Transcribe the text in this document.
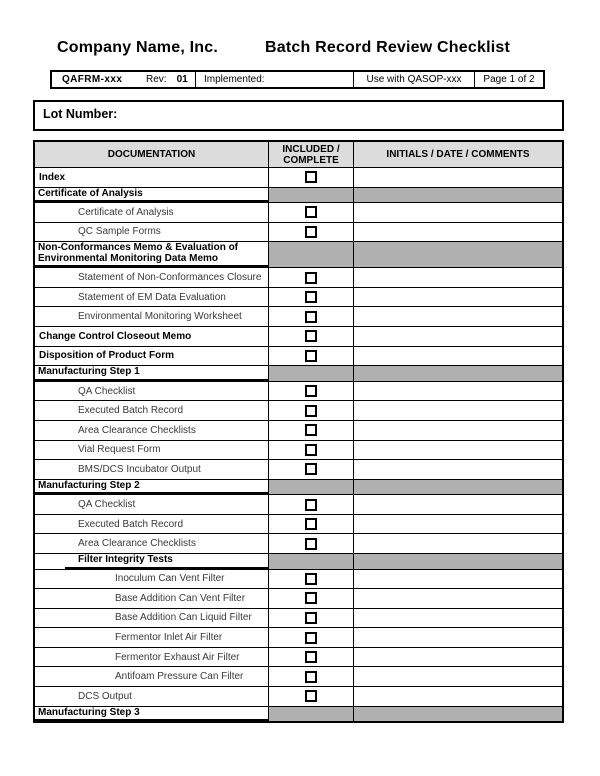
Company Name, Inc.	Batch Record Review Checklist
QAFRM-xxx	Rev: 01 Implemented:	Use with QASOP-xxx Page 1 of 2
Lot Number:
DOCUMENTATION	INCLUDED / COMPLETE	INITIALS / DATE / COMMENTS
Index
Certificate of Analysis
Certificate of Analysis
QC Sample Forms
Non-Conformances Memo & Evaluation of Environmental Monitoring Data Memo
Statement of Non-Conformances Closure
Statement of EM Data Evaluation
Environmental Monitoring Worksheet
Change Control Closeout Memo
Disposition of Product Form
Manufacturing Step 1
QA Checklist
Executed Batch Record
Area Clearance Checklists
Vial Request Form
BMS/DCS Incubator Output
Manufacturing Step 2
QA Checklist
Executed Batch Record
Area Clearance Checklists
Filter Integrity Tests
Inoculum Can Vent Filter
Base Addition Can Vent Filter
Base Addition Can Liquid Filter
Fermentor Inlet Air Filter
Fermentor Exhaust Air Filter
Antifoam Pressure Can Filter
DCS Output
Manufacturing Step 3
